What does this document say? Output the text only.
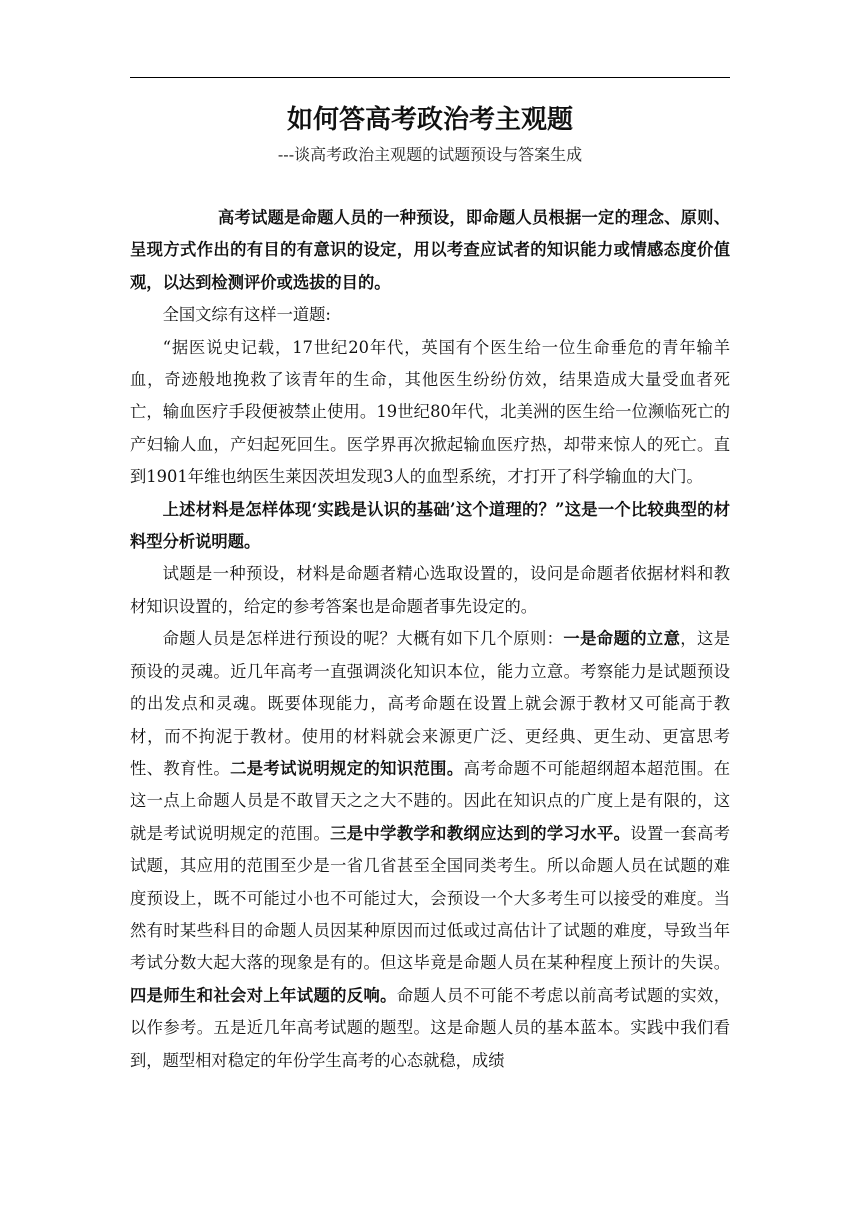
如何答高考政治考主观题
---谈高考政治主观题的试题预设与答案生成

高考试题是命题人员的一种预设，即命题人员根据一定的理念、原则、呈现方式作出的有目的有意识的设定，用以考查应试者的知识能力或情感态度价值观，以达到检测评价或选拔的目的。

全国文综有这样一道题:

“据医说史记载，17世纪20年代，英国有个医生给一位生命垂危的青年输羊血，奇迹般地挽救了该青年的生命，其他医生纷纷仿效，结果造成大量受血者死亡，输血医疗手段便被禁止使用。19世纪80年代，北美洲的医生给一位濒临死亡的产妇输人血，产妇起死回生。医学界再次掀起输血医疗热，却带来惊人的死亡。直到1901年维也纳医生莱因茨坦发现3人的血型系统，才打开了科学输血的大门。

上述材料是怎样体现‘实践是认识的基础’这个道理的？”这是一个比较典型的材料型分析说明题。

试题是一种预设，材料是命题者精心选取设置的，设问是命题者依据材料和教材知识设置的，给定的参考答案也是命题者事先设定的。

命题人员是怎样进行预设的呢？大概有如下几个原则：一是命题的立意，这是预设的灵魂。近几年高考一直强调淡化知识本位，能力立意。考察能力是试题预设的出发点和灵魂。既要体现能力，高考命题在设置上就会源于教材又可能高于教材，而不拘泥于教材。使用的材料就会来源更广泛、更经典、更生动、更富思考性、教育性。二是考试说明规定的知识范围。高考命题不可能超纲超本超范围。在这一点上命题人员是不敢冒天之之大不韪的。因此在知识点的广度上是有限的，这就是考试说明规定的范围。三是中学教学和教纲应达到的学习水平。设置一套高考试题，其应用的范围至少是一省几省甚至全国同类考生。所以命题人员在试题的难度预设上，既不可能过小也不可能过大，会预设一个大多考生可以接受的难度。当然有时某些科目的命题人员因某种原因而过低或过高估计了试题的难度，导致当年考试分数大起大落的现象是有的。但这毕竟是命题人员在某种程度上预计的失误。四是师生和社会对上年试题的反响。命题人员不可能不考虑以前高考试题的实效，以作参考。五是近几年高考试题的题型。这是命题人员的基本蓝本。实践中我们看到，题型相对稳定的年份学生高考的心态就稳，成绩
